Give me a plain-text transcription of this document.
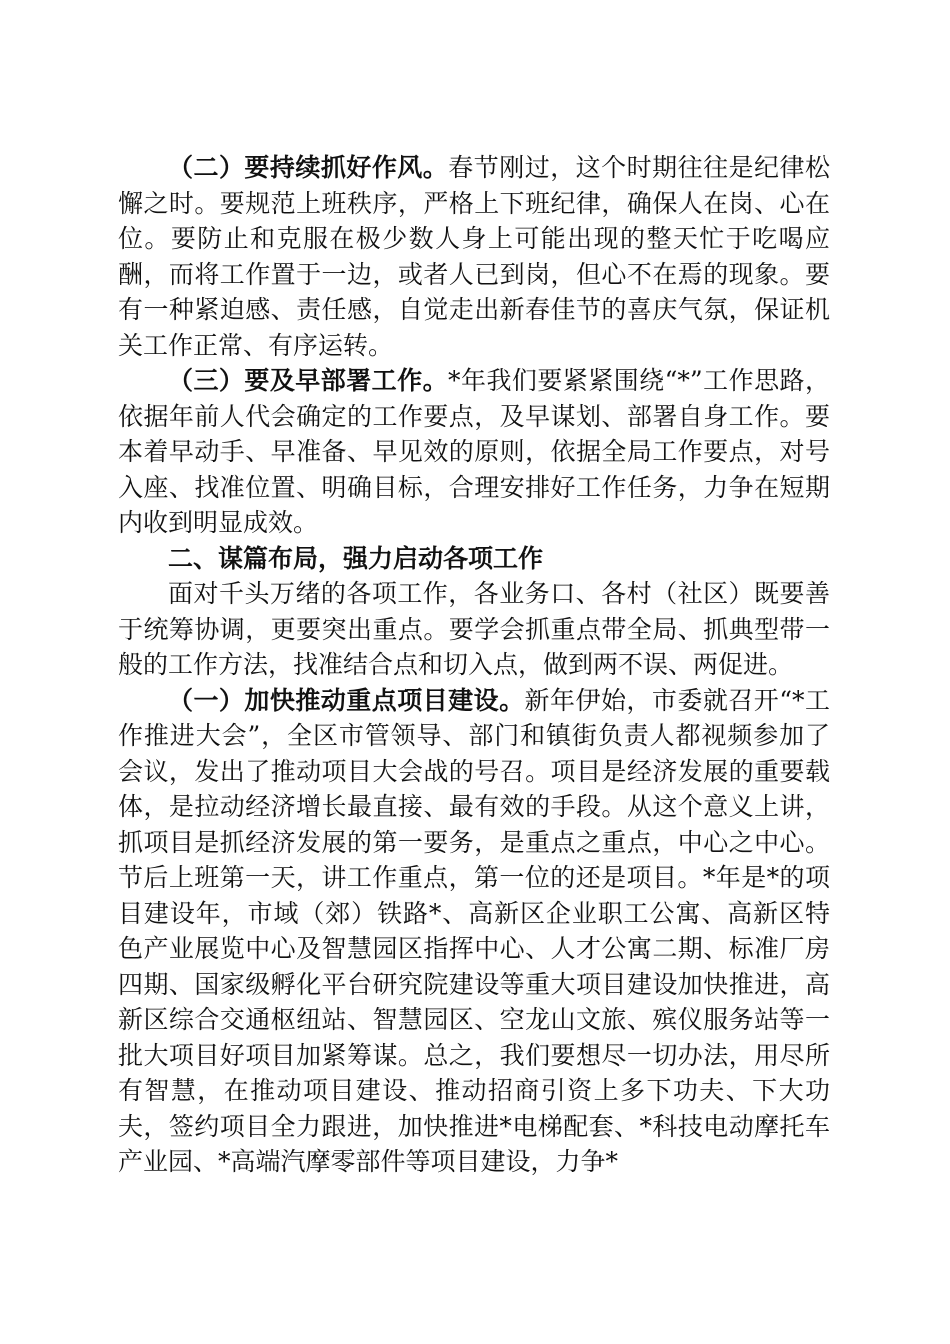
（二）要持续抓好作风。春节刚过，这个时期往往是纪律松懈之时。要规范上班秩序，严格上下班纪律，确保人在岗、心在位。要防止和克服在极少数人身上可能出现的整天忙于吃喝应酬，而将工作置于一边，或者人已到岗，但心不在焉的现象。要有一种紧迫感、责任感，自觉走出新春佳节的喜庆气氛，保证机关工作正常、有序运转。

（三）要及早部署工作。*年我们要紧紧围绕“*”工作思路，依据年前人代会确定的工作要点，及早谋划、部署自身工作。要本着早动手、早准备、早见效的原则，依据全局工作要点，对号入座、找准位置、明确目标，合理安排好工作任务，力争在短期内收到明显成效。

二、谋篇布局，强力启动各项工作

面对千头万绪的各项工作，各业务口、各村（社区）既要善于统筹协调，更要突出重点。要学会抓重点带全局、抓典型带一般的工作方法，找准结合点和切入点，做到两不误、两促进。

（一）加快推动重点项目建设。新年伊始，市委就召开“*工作推进大会”，全区市管领导、部门和镇街负责人都视频参加了会议，发出了推动项目大会战的号召。项目是经济发展的重要载体，是拉动经济增长最直接、最有效的手段。从这个意义上讲，抓项目是抓经济发展的第一要务，是重点之重点，中心之中心。节后上班第一天，讲工作重点，第一位的还是项目。*年是*的项目建设年，市域（郊）铁路*、高新区企业职工公寓、高新区特色产业展览中心及智慧园区指挥中心、人才公寓二期、标准厂房四期、国家级孵化平台研究院建设等重大项目建设加快推进，高新区综合交通枢纽站、智慧园区、空龙山文旅、殡仪服务站等一批大项目好项目加紧筹谋。总之，我们要想尽一切办法，用尽所有智慧，在推动项目建设、推动招商引资上多下功夫、下大功夫，签约项目全力跟进，加快推进*电梯配套、*科技电动摩托车产业园、*高端汽摩零部件等项目建设，力争*
